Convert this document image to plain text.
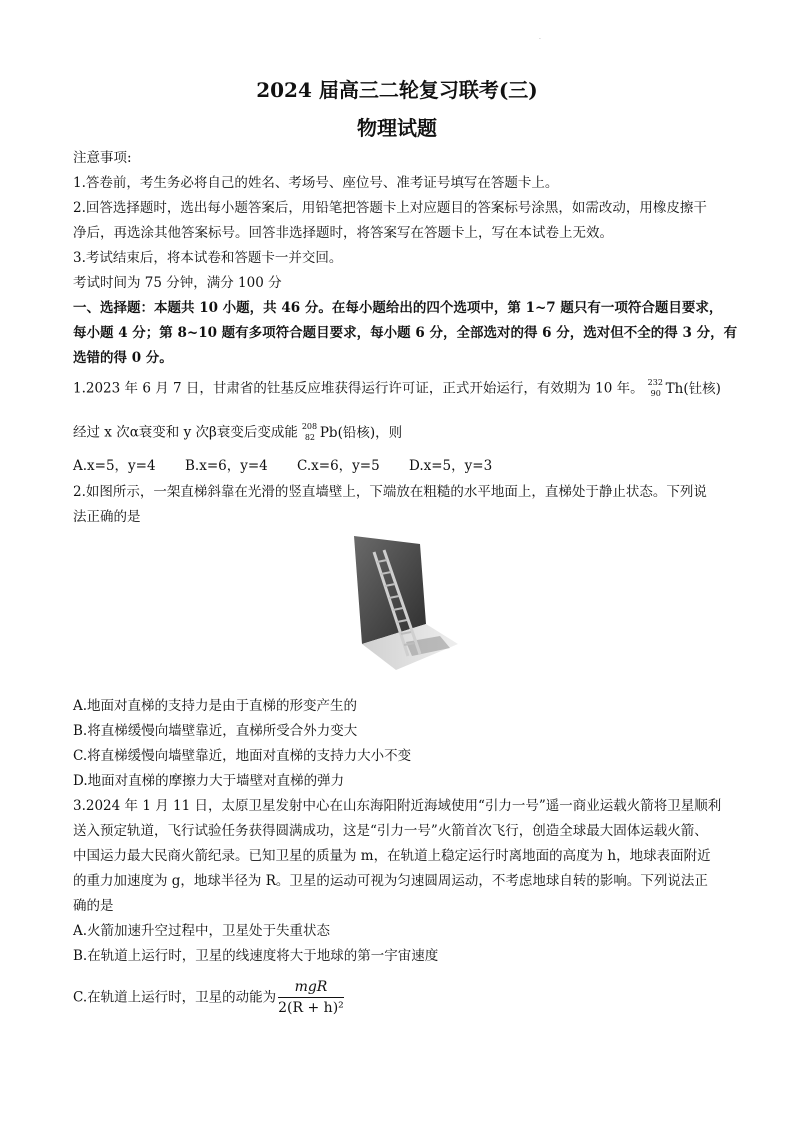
·
2024 届高三二轮复习联考(三)
物理试题
注意事项:
1.答卷前，考生务必将自己的姓名、考场号、座位号、准考证号填写在答题卡上。
2.回答选择题时，选出每小题答案后，用铅笔把答题卡上对应题目的答案标号涂黑，如需改动，用橡皮擦干
净后，再选涂其他答案标号。回答非选择题时，将答案写在答题卡上，写在本试卷上无效。
3.考试结束后，将本试卷和答题卡一并交回。
考试时间为 75 分钟，满分 100 分
一、选择题：本题共 10 小题，共 46 分。在每小题给出的四个选项中，第 1~7 题只有一项符合题目要求，
每小题 4 分；第 8~10 题有多项符合题目要求，每小题 6 分，全部选对的得 6 分，选对但不全的得 3 分，有
选错的得 0 分。
1.2023 年 6 月 7 日，甘肃省的钍基反应堆获得运行许可证，正式开始运行，有效期为 10 年。 232
90 Th(钍核)
经过 x 次α衰变和 y 次β衰变后变成能 208
82 Pb(铅核)，则
A.x=5，y=4 B.x=6，y=4 C.x=6，y=5 D.x=5，y=3
2.如图所示，一架直梯斜靠在光滑的竖直墙壁上，下端放在粗糙的水平地面上，直梯处于静止状态。下列说
法正确的是
A.地面对直梯的支持力是由于直梯的形变产生的
B.将直梯缓慢向墙壁靠近，直梯所受合外力变大
C.将直梯缓慢向墙壁靠近，地面对直梯的支持力大小不变
D.地面对直梯的摩擦力大于墙壁对直梯的弹力
3.2024 年 1 月 11 日，太原卫星发射中心在山东海阳附近海域使用“引力一号”遥一商业运载火箭将卫星顺利
送入预定轨道，飞行试验任务获得圆满成功，这是“引力一号”火箭首次飞行，创造全球最大固体运载火箭、
中国运力最大民商火箭纪录。已知卫星的质量为 m，在轨道上稳定运行时离地面的高度为 h，地球表面附近
的重力加速度为 g，地球半径为 R。卫星的运动可视为匀速圆周运动，不考虑地球自转的影响。下列说法正
确的是
A.火箭加速升空过程中，卫星处于失重状态
B.在轨道上运行时，卫星的线速度将大于地球的第一宇宙速度
C.在轨道上运行时，卫星的动能为 $\frac{\text{mgR}}{\text{2(R + h)²}}$
